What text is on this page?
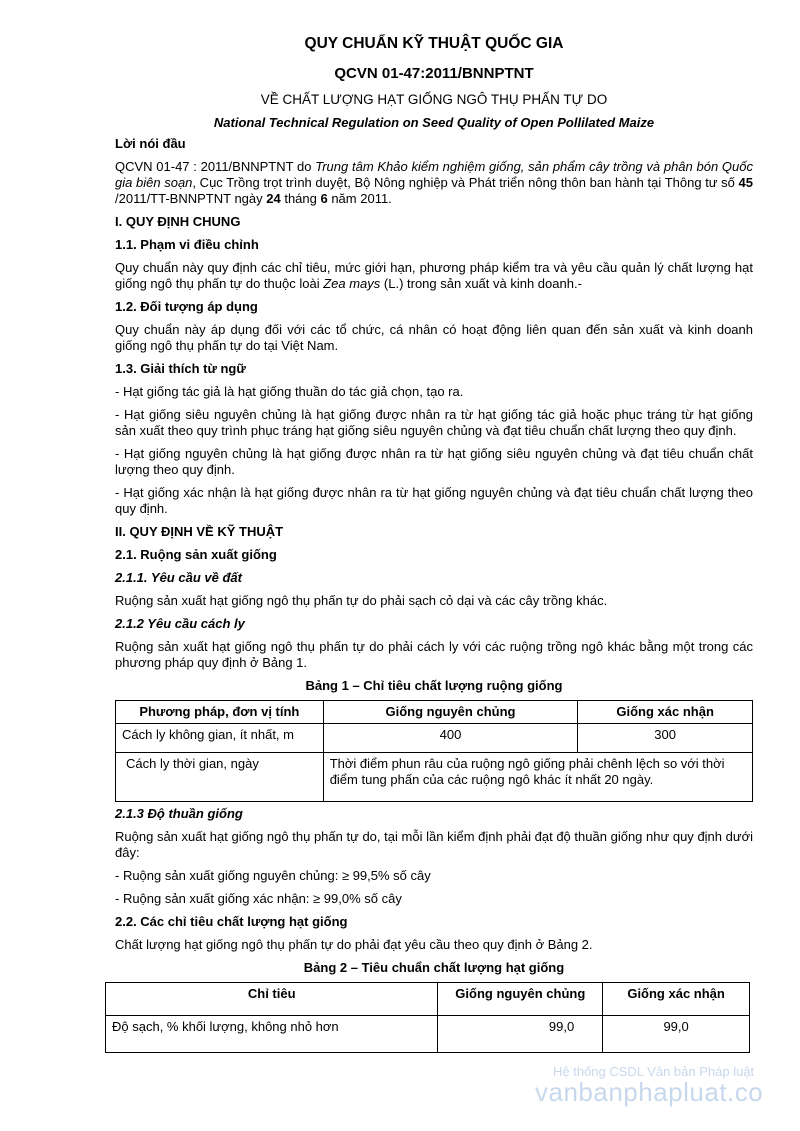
QUY CHUẨN KỸ THUẬT QUỐC GIA
QCVN 01-47:2011/BNNPTNT
VỀ CHẤT LƯỢNG HẠT GIỐNG NGÔ THỤ PHẤN TỰ DO
National Technical Regulation on Seed Quality of Open Pollilated Maize
Lời nói đầu

QCVN 01-47 : 2011/BNNPTNT do Trung tâm Khảo kiểm nghiệm giống, sản phẩm cây trồng và phân bón Quốc gia biên soạn, Cục Trồng trọt trình duyệt, Bộ Nông nghiệp và Phát triển nông thôn ban hành tại Thông tư số 45 /2011/TT-BNNPTNT ngày 24 tháng 6 năm 2011.

I. QUY ĐỊNH CHUNG
1.1. Phạm vi điều chỉnh

Quy chuẩn này quy định các chỉ tiêu, mức giới hạn, phương pháp kiểm tra và yêu cầu quản lý chất lượng hạt giống ngô thụ phấn tự do thuộc loài Zea mays (L.) trong sản xuất và kinh doanh.-

1.2. Đối tượng áp dụng

Quy chuẩn này áp dụng đối với các tổ chức, cá nhân có hoạt động liên quan đến sản xuất và kinh doanh giống ngô thụ phấn tự do tại Việt Nam.

1.3. Giải thích từ ngữ

- Hạt giống tác giả là hạt giống thuần do tác giả chọn, tạo ra.

- Hạt giống siêu nguyên chủng là hạt giống được nhân ra từ hạt giống tác giả hoặc phục tráng từ hạt giống sản xuất theo quy trình phục tráng hạt giống siêu nguyên chủng và đạt tiêu chuẩn chất lượng theo quy định.

- Hạt giống nguyên chủng là hạt giống được nhân ra từ hạt giống siêu nguyên chủng và đạt tiêu chuẩn chất lượng theo quy định.

- Hạt giống xác nhận là hạt giống được nhân ra từ hạt giống nguyên chủng và đạt tiêu chuẩn chất lượng theo quy định.

II. QUY ĐỊNH VỀ KỸ THUẬT
2.1. Ruộng sản xuất giống
2.1.1. Yêu cầu về đất

Ruộng sản xuất hạt giống ngô thụ phấn tự do phải sạch cỏ dại và các cây trồng khác.

2.1.2 Yêu cầu cách ly

Ruộng sản xuất hạt giống ngô thụ phấn tự do phải cách ly với các ruộng trồng ngô khác bằng một trong các phương pháp quy định ở Bảng 1.

Bảng 1 – Chỉ tiêu chất lượng ruộng giống
Phương pháp, đơn vị tính	Giống nguyên chủng	Giống xác nhận
Cách ly không gian, ít nhất, m	400	300
Cách ly thời gian, ngày	Thời điểm phun râu của ruộng ngô giống phải chênh lệch so với thời điểm tung phấn của các ruộng ngô khác ít nhất 20 ngày.	
2.1.3 Độ thuần giống

Ruộng sản xuất hạt giống ngô thụ phấn tự do, tại mỗi lần kiểm định phải đạt độ thuần giống như quy định dưới đây:

- Ruộng sản xuất giống nguyên chủng: ≥ 99,5% số cây

- Ruộng sản xuất giống xác nhận: ≥ 99,0% số cây

2.2. Các chỉ tiêu chất lượng hạt giống

Chất lượng hạt giống ngô thụ phấn tự do phải đạt yêu cầu theo quy định ở Bảng 2.

Bảng 2 – Tiêu chuẩn chất lượng hạt giống
Chỉ tiêu	Giống nguyên chủng	Giống xác nhận
Độ sạch, % khối lượng, không nhỏ hơn	99,0	99,0
Hệ thống CSDL Văn bản Pháp luật
vanbanphapluat.co
